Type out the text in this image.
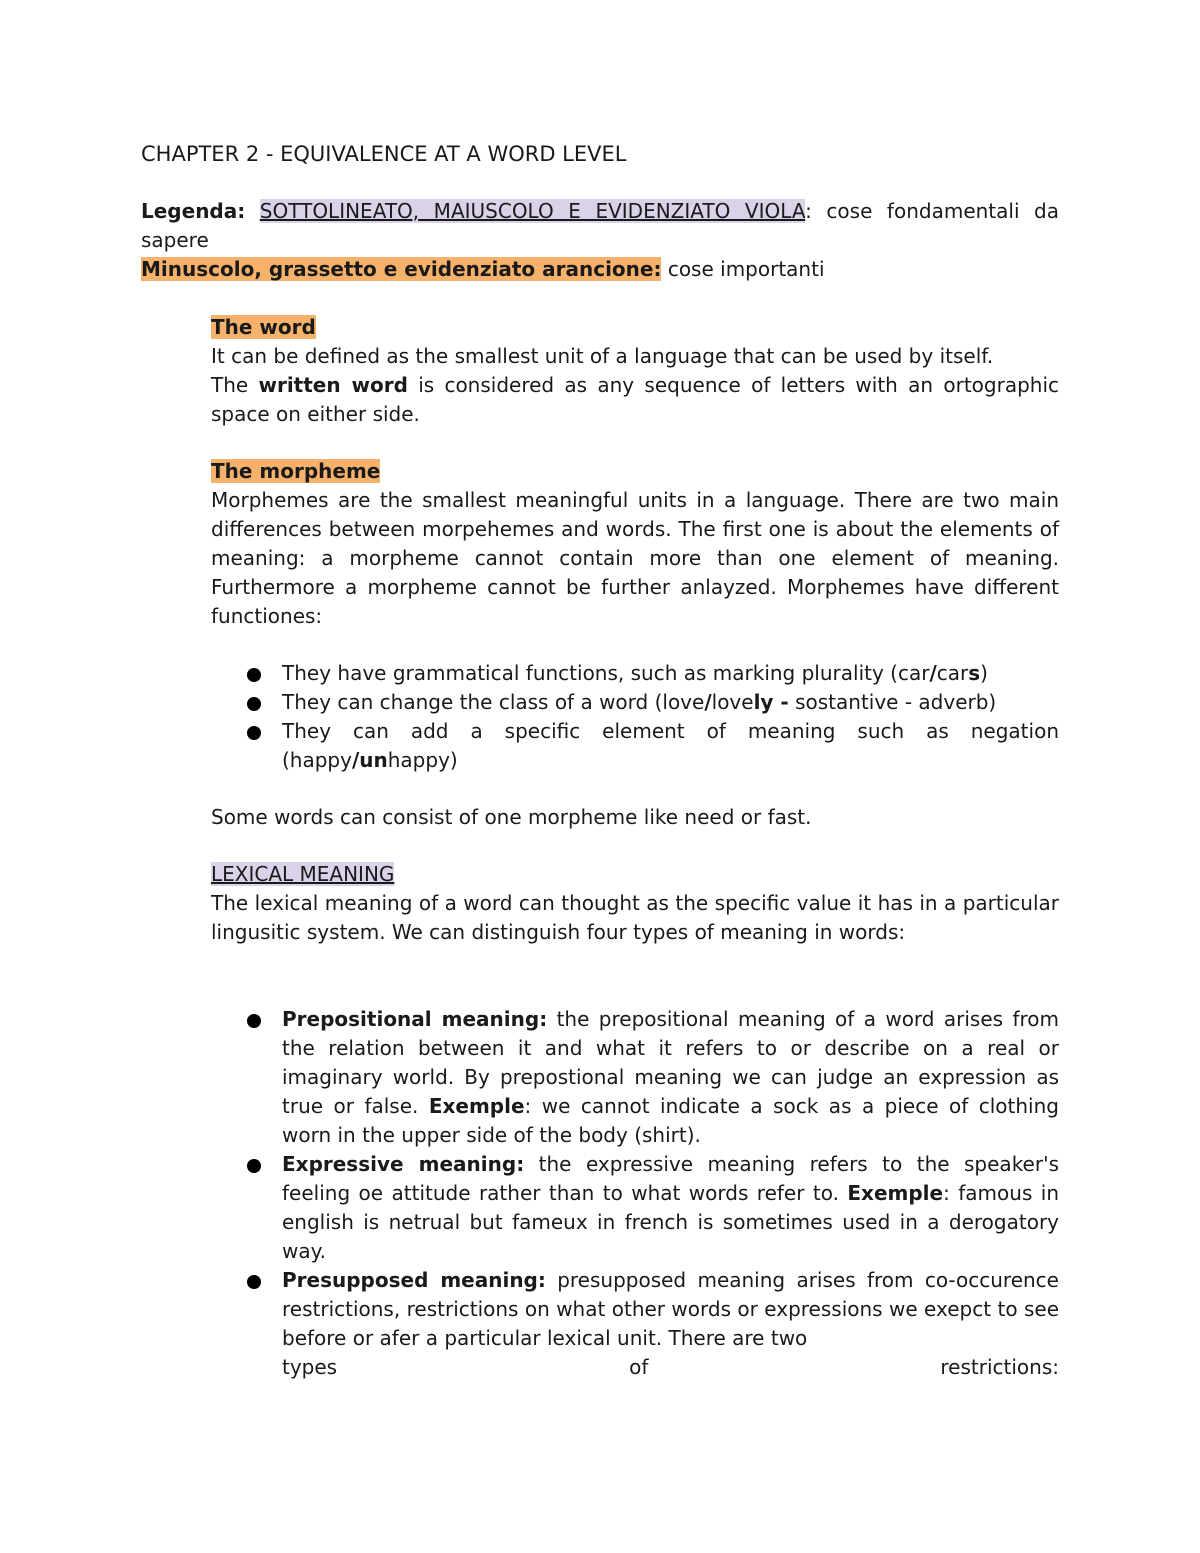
CHAPTER 2 - EQUIVALENCE AT A WORD LEVEL
Legenda: SOTTOLINEATO, MAIUSCOLO E EVIDENZIATO VIOLA: cose fondamentali da sapere
Minuscolo, grassetto e evidenziato arancione: cose importanti

The word

It can be defined as the smallest unit of a language that can be used by itself.

The written word is considered as any sequence of letters with an ortographic space on either side.

The morpheme

Morphemes are the smallest meaningful units in a language. There are two main differences between morpehemes and words. The first one is about the elements of meaning: a morpheme cannot contain more than one element of meaning. Furthermore a morpheme cannot be further anlayzed. Morphemes have different functiones:

They have grammatical functions, such as marking plurality (car/cars)
They can change the class of a word (love/lovely - sostantive - adverb)
They can add a specific element of meaning such as negation (happy/unhappy)
Some words can consist of one morpheme like need or fast.

LEXICAL MEANING

The lexical meaning of a word can thought as the specific value it has in a particular lingusitic system. We can distinguish four types of meaning in words:

Prepositional meaning: the prepositional meaning of a word arises from the relation between it and what it refers to or describe on a real or imaginary world. By prepostional meaning we can judge an expression as true or false. Exemple: we cannot indicate a sock as a piece of clothing worn in the upper side of the body (shirt).
Expressive meaning: the expressive meaning refers to the speaker's feeling oe attitude rather than to what words refer to. Exemple: famous in english is netrual but fameux in french is sometimes used in a derogatory way.
Presupposed meaning: presupposed meaning arises from co-occurence restrictions, restrictions on what other words or expressions we exepct to see before or afer a particular lexical unit. There are two
types of restrictions:
